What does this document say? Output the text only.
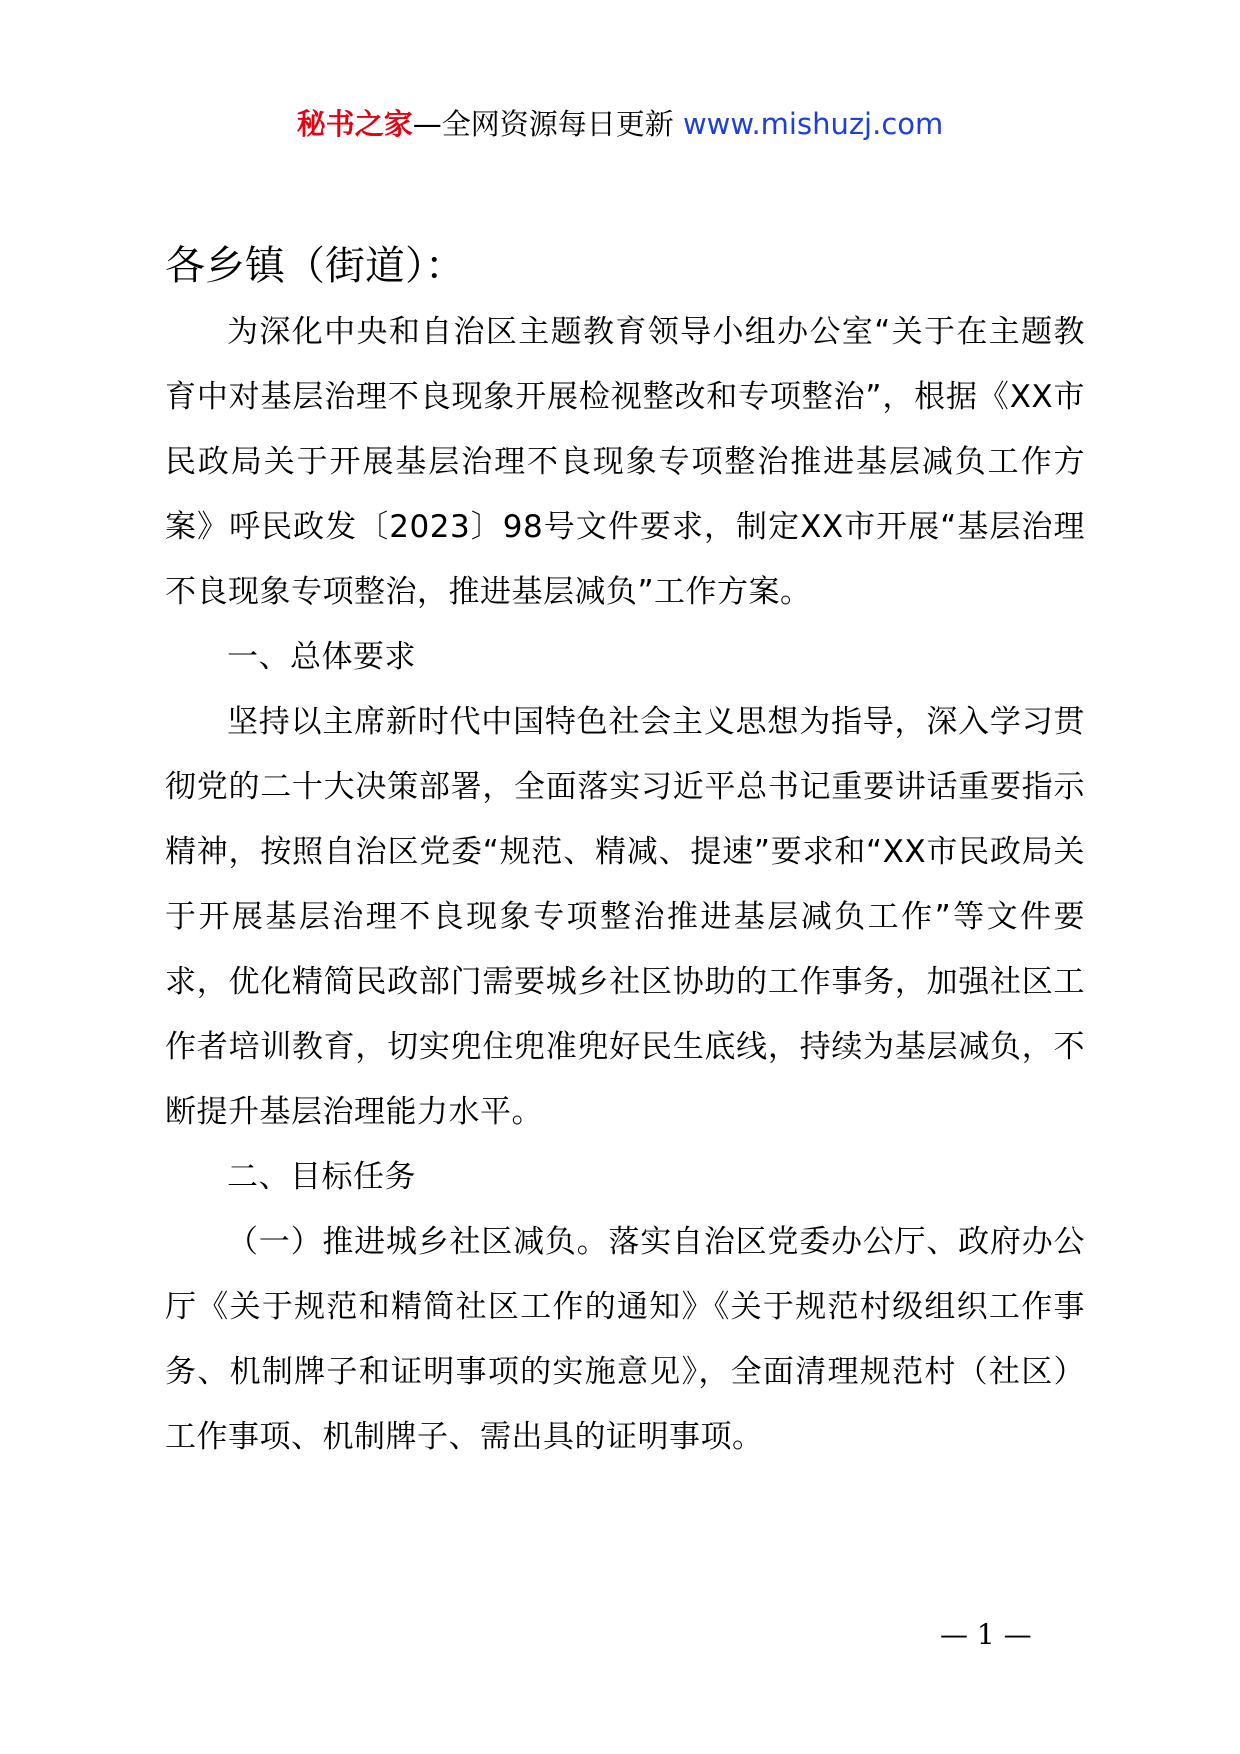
秘书之家—全网资源每日更新 www.mishuzj.com
各乡镇（街道）：

为深化中央和自治区主题教育领导小组办公室“关于在主题教育中对基层治理不良现象开展检视整改和专项整治”，根据《XX市民政局关于开展基层治理不良现象专项整治推进基层减负工作方案》呼民政发〔2023〕98号文件要求，制定XX市开展“基层治理不良现象专项整治，推进基层减负”工作方案。

一、总体要求

坚持以主席新时代中国特色社会主义思想为指导，深入学习贯彻党的二十大决策部署，全面落实习近平总书记重要讲话重要指示精神，按照自治区党委“规范、精减、提速”要求和“XX市民政局关于开展基层治理不良现象专项整治推进基层减负工作”等文件要求，优化精简民政部门需要城乡社区协助的工作事务，加强社区工作者培训教育，切实兜住兜准兜好民生底线，持续为基层减负，不断提升基层治理能力水平。

二、目标任务

（一）推进城乡社区减负。落实自治区党委办公厅、政府办公厅《关于规范和精简社区工作的通知》《关于规范村级组织工作事务、机制牌子和证明事项的实施意见》，全面清理规范村（社区）工作事项、机制牌子、需出具的证明事项。

— 1 —
